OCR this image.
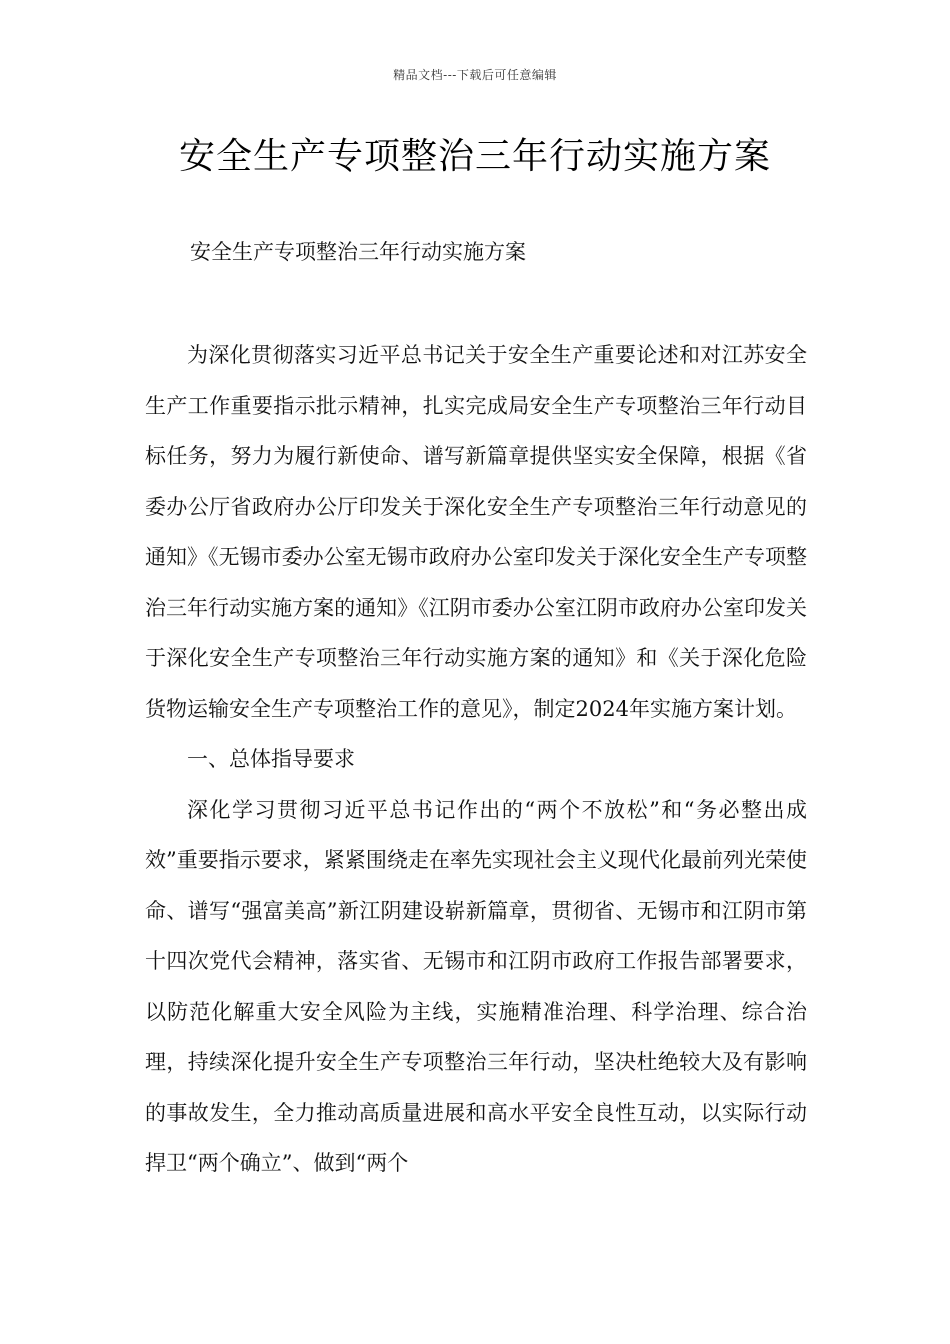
精品文档---下载后可任意编辑
安全生产专项整治三年行动实施方案
安全生产专项整治三年行动实施方案

为深化贯彻落实习近平总书记关于安全生产重要论述和对江苏安全生产工作重要指示批示精神，扎实完成局安全生产专项整治三年行动目标任务，努力为履行新使命、谱写新篇章提供坚实安全保障，根据《省委办公厅省政府办公厅印发关于深化安全生产专项整治三年行动意见的通知》《无锡市委办公室无锡市政府办公室印发关于深化安全生产专项整治三年行动实施方案的通知》《江阴市委办公室江阴市政府办公室印发关于深化安全生产专项整治三年行动实施方案的通知》和《关于深化危险货物运输安全生产专项整治工作的意见》，制定2024年实施方案计划。

一、总体指导要求

深化学习贯彻习近平总书记作出的“两个不放松”和“务必整出成效”重要指示要求，紧紧围绕走在率先实现社会主义现代化最前列光荣使命、谱写“强富美高”新江阴建设崭新篇章，贯彻省、无锡市和江阴市第十四次党代会精神，落实省、无锡市和江阴市政府工作报告部署要求，以防范化解重大安全风险为主线，实施精准治理、科学治理、综合治理，持续深化提升安全生产专项整治三年行动，坚决杜绝较大及有影响的事故发生，全力推动高质量进展和高水平安全良性互动，以实际行动捍卫“两个确立”、做到“两个
